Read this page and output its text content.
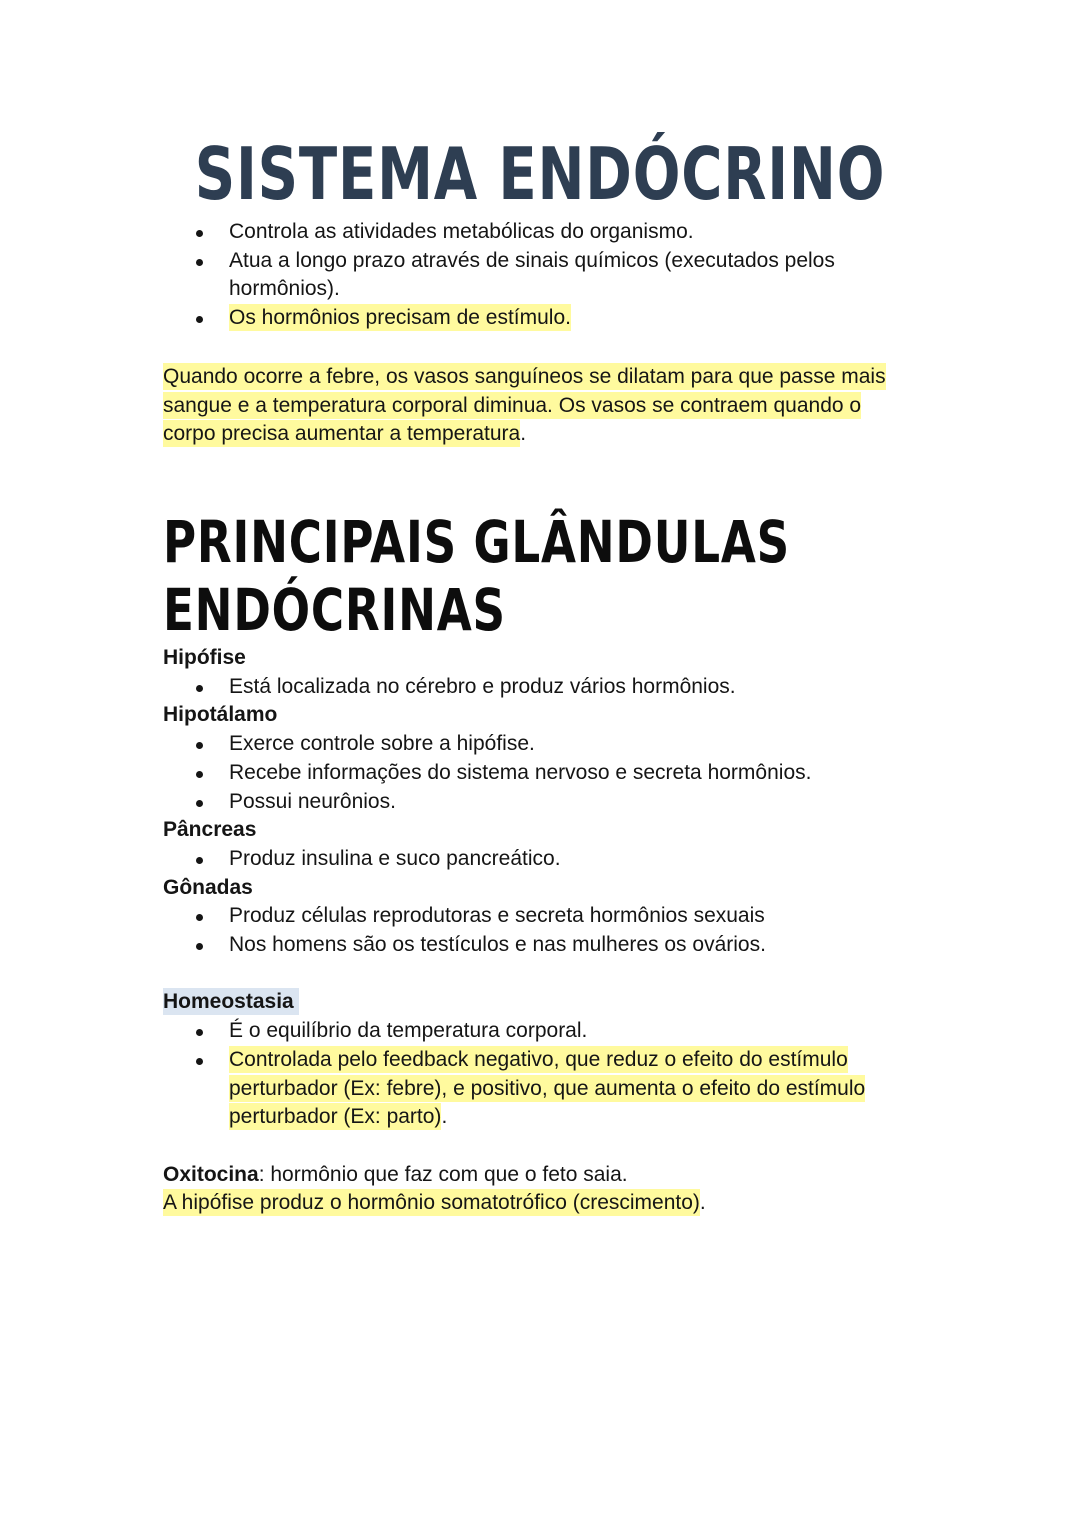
SISTEMA ENDÓCRINO
Controla as atividades metabólicas do organismo.
Atua a longo prazo através de sinais químicos (executados pelos hormônios).
Os hormônios precisam de estímulo.
Quando ocorre a febre, os vasos sanguíneos se dilatam para que passe mais sangue e a temperatura corporal diminua. Os vasos se contraem quando o corpo precisa aumentar a temperatura.
PRINCIPAIS GLÂNDULAS
ENDÓCRINAS
Hipófise
Está localizada no cérebro e produz vários hormônios.
Hipotálamo
Exerce controle sobre a hipófise.
Recebe informações do sistema nervoso e secreta hormônios.
Possui neurônios.
Pâncreas
Produz insulina e suco pancreático.
Gônadas
Produz células reprodutoras e secreta hormônios sexuais
Nos homens são os testículos e nas mulheres os ovários.
Homeostasia
É o equilíbrio da temperatura corporal.
Controlada pelo feedback negativo, que reduz o efeito do estímulo perturbador (Ex: febre), e positivo, que aumenta o efeito do estímulo perturbador (Ex: parto).
Oxitocina: hormônio que faz com que o feto saia.
A hipófise produz o hormônio somatotrófico (crescimento).
